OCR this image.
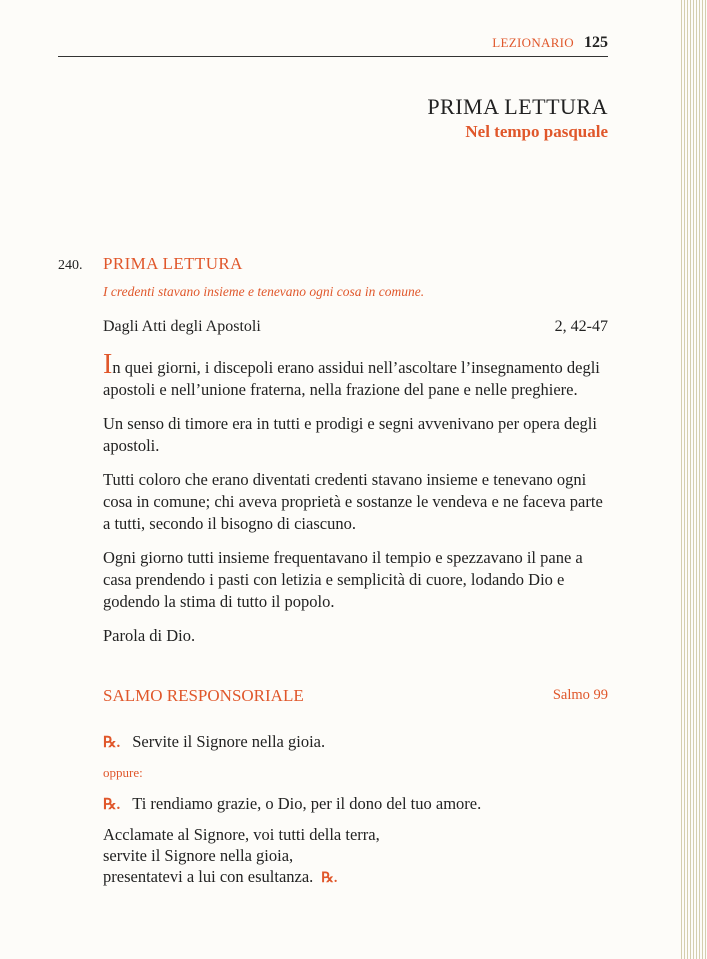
LEZIONARIO 125
PRIMA LETTURA
Nel tempo pasquale
240. PRIMA LETTURA
I credenti stavano insieme e tenevano ogni cosa in comune.
Dagli Atti degli Apostoli	2, 42-47

In quei giorni, i discepoli erano assidui nell’ascoltare l’insegnamento degli apostoli e nell’unione fraterna, nella frazione del pane e nelle preghiere.

Un senso di timore era in tutti e prodigi e segni avvenivano per opera degli apostoli.

Tutti coloro che erano diventati credenti stavano insieme e tenevano ogni cosa in comune; chi aveva proprietà e sostanze le vendeva e ne faceva parte a tutti, secondo il bisogno di ciascuno.

Ogni giorno tutti insieme frequentavano il tempio e spezzavano il pane a casa prendendo i pasti con letizia e semplicità di cuore, lodando Dio e godendo la stima di tutto il popolo.

Parola di Dio.

SALMO RESPONSORIALE	Salmo 99
℞. Servite il Signore nella gioia.
oppure:
℞. Ti rendiamo grazie, o Dio, per il dono del tuo amore.
Acclamate al Signore, voi tutti della terra,
servite il Signore nella gioia,
presentatevi a lui con esultanza. ℞.
